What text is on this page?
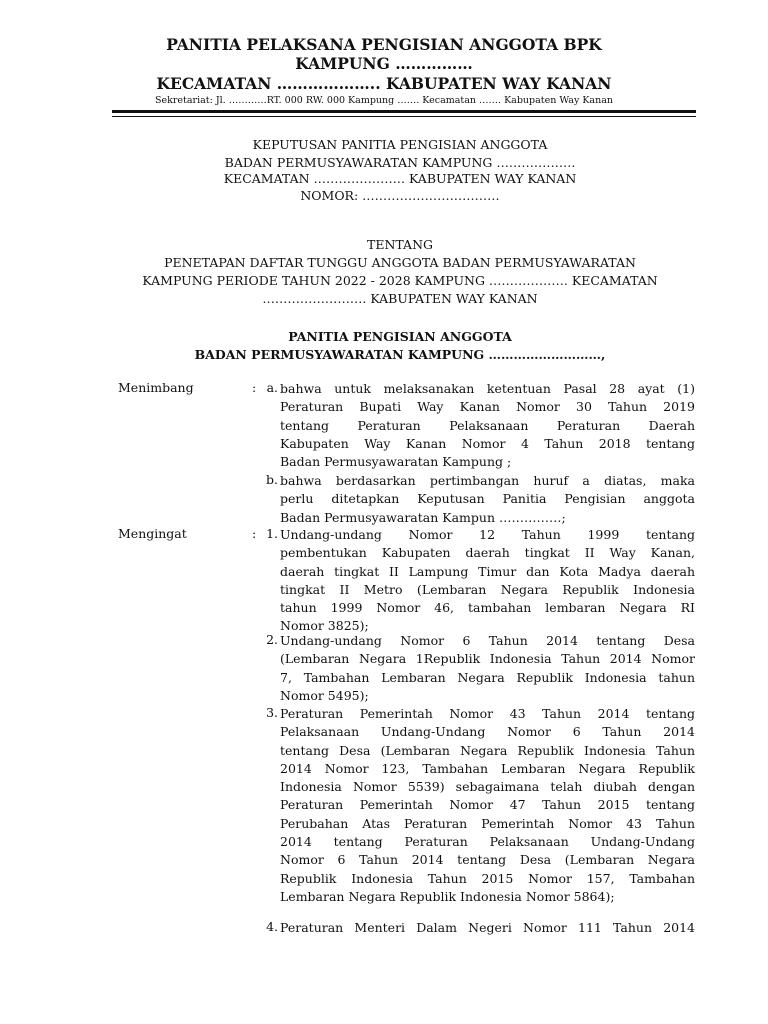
PANITIA PELAKSANA PENGISIAN ANGGOTA BPK
KAMPUNG ……………
KECAMATAN ……………….. KABUPATEN WAY KANAN
Sekretariat: Jl. …………RT. 000 RW. 000 Kampung ……. Kecamatan ……. Kabupaten Way Kanan
KEPUTUSAN PANITIA PENGISIAN ANGGOTA
BADAN PERMUSYAWARATAN KAMPUNG ……………….
KECAMATAN …………………. KABUPATEN WAY KANAN
NOMOR: ……………………………
TENTANG
PENETAPAN DAFTAR TUNGGU ANGGOTA BADAN PERMUSYAWARATAN
KAMPUNG PERIODE TAHUN 2022 - 2028 KAMPUNG ………………. KECAMATAN
……………………. KABUPATEN WAY KANAN
PANITIA PENGISIAN ANGGOTA
BADAN PERMUSYAWARATAN KAMPUNG ………………………,
Menimbang	: a. bahwa untuk melaksanakan ketentuan Pasal 28 ayat (1)
Peraturan Bupati Way Kanan Nomor 30 Tahun 2019
tentang Peraturan Pelaksanaan Peraturan Daerah
Kabupaten Way Kanan Nomor 4 Tahun 2018 tentang
Badan Permusyawaratan Kampung ;
b. bahwa berdasarkan pertimbangan huruf a diatas, maka
perlu ditetapkan Keputusan Panitia Pengisian anggota
Badan Permusyawaratan Kampun ……………;
Mengingat	: 1. Undang-undang Nomor 12 Tahun 1999 tentang
pembentukan Kabupaten daerah tingkat II Way Kanan,
daerah tingkat II Lampung Timur dan Kota Madya daerah
tingkat II Metro (Lembaran Negara Republik Indonesia
tahun 1999 Nomor 46, tambahan lembaran Negara RI
Nomor 3825);
2. Undang-undang Nomor 6 Tahun 2014 tentang Desa
(Lembaran Negara 1Republik Indonesia Tahun 2014 Nomor
7, Tambahan Lembaran Negara Republik Indonesia tahun
Nomor 5495);
3. Peraturan Pemerintah Nomor 43 Tahun 2014 tentang
Pelaksanaan Undang-Undang Nomor 6 Tahun 2014
tentang Desa (Lembaran Negara Republik Indonesia Tahun
2014 Nomor 123, Tambahan Lembaran Negara Republik
Indonesia Nomor 5539) sebagaimana telah diubah dengan
Peraturan Pemerintah Nomor 47 Tahun 2015 tentang
Perubahan Atas Peraturan Pemerintah Nomor 43 Tahun
2014 tentang Peraturan Pelaksanaan Undang-Undang
Nomor 6 Tahun 2014 tentang Desa (Lembaran Negara
Republik Indonesia Tahun 2015 Nomor 157, Tambahan
Lembaran Negara Republik Indonesia Nomor 5864);
4. Peraturan Menteri Dalam Negeri Nomor 111 Tahun 2014
